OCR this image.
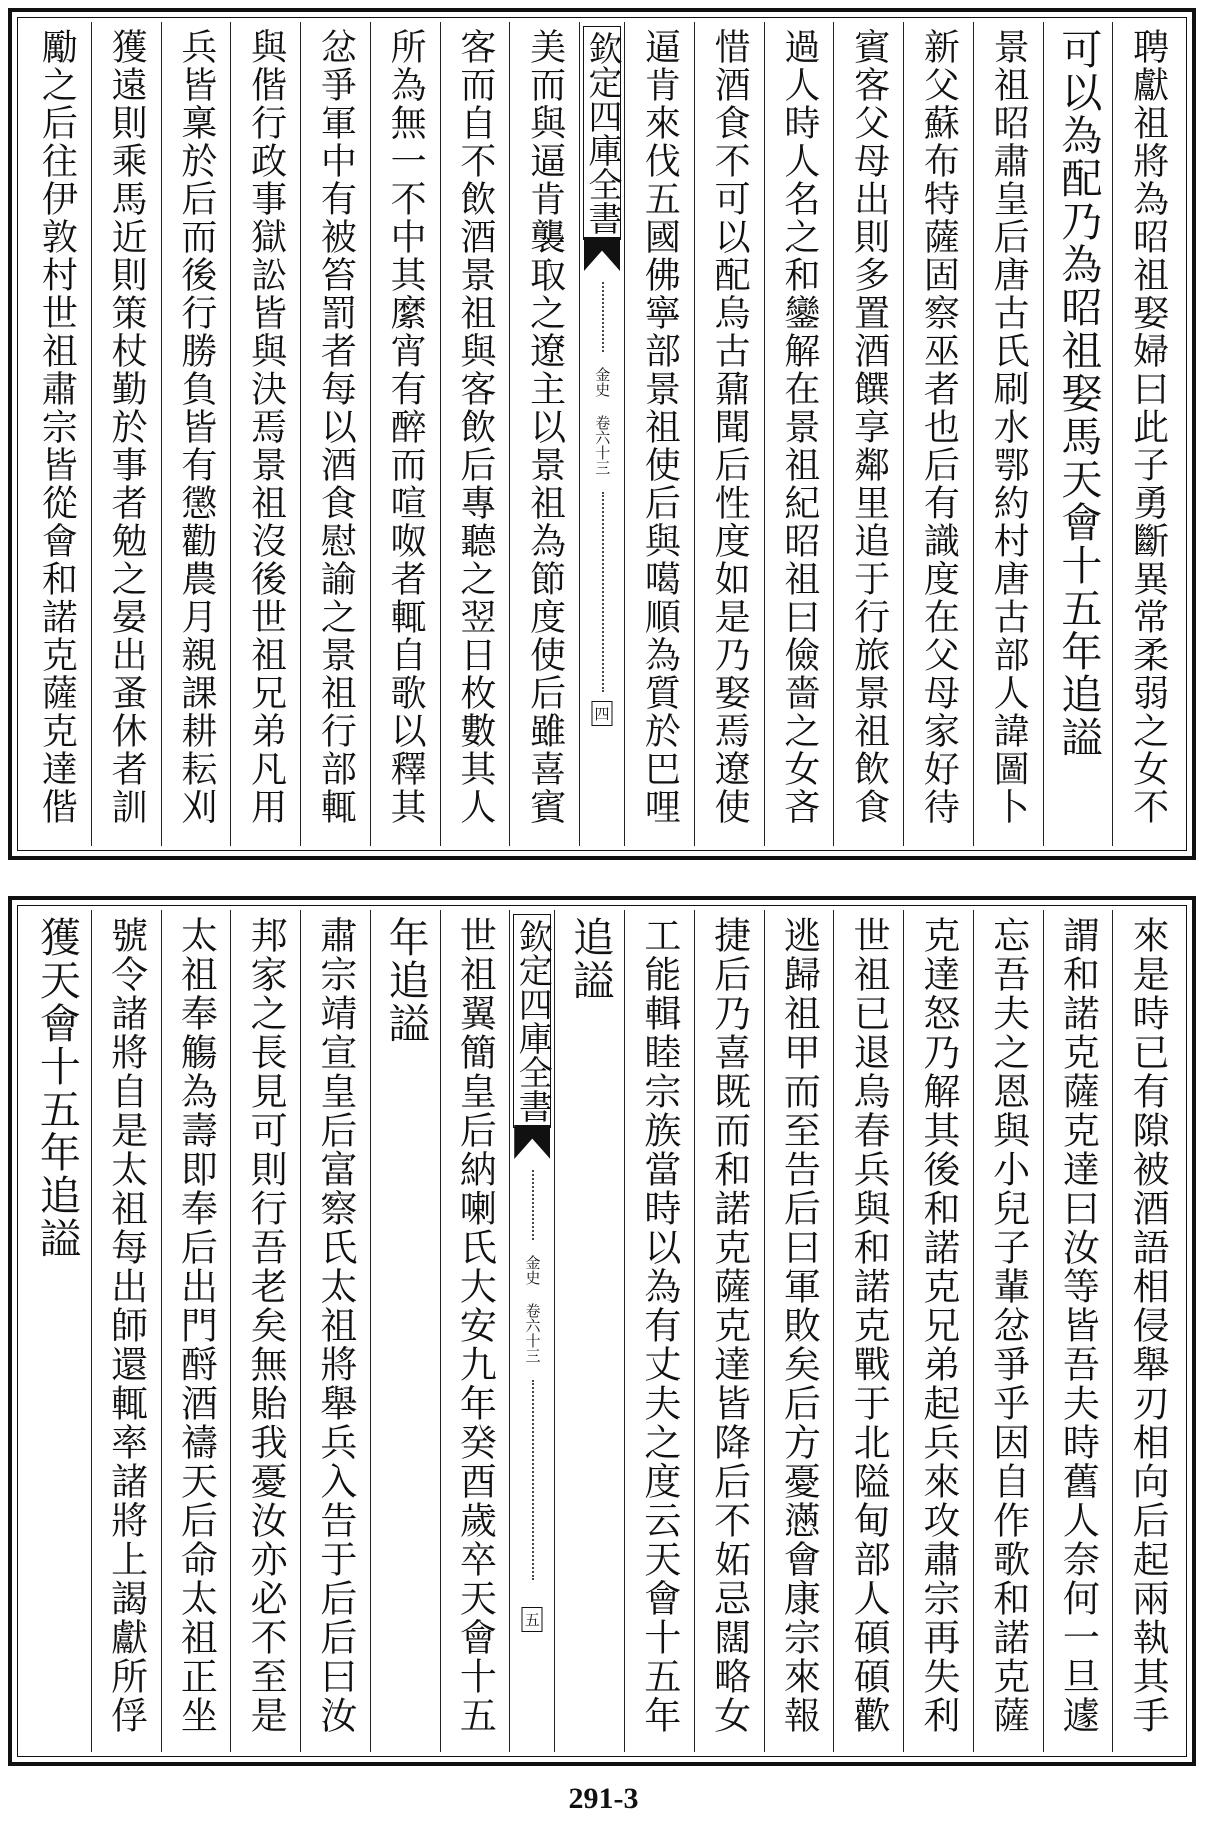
聘獻祖將為昭祖娶婦曰此子勇斷異常柔弱之女不
可以為配乃為昭祖娶馬天會十五年追謚
景祖昭肅皇后唐古氏刷水鄂約村唐古部人諱圖卜
新父蘇布特薩固察巫者也后有識度在父母家好待
賓客父母出則多置酒饌享鄰里追于行旅景祖飲食
過人時人名之和鑾解在景祖紀昭祖曰儉嗇之女吝
惜酒食不可以配烏古鼐聞后性度如是乃娶焉遼使
逼肯來伐五國佛寧部景祖使后與噶順為質於巴哩
欽定四庫全書
金史 卷六十三
四
美而與逼肯襲取之遼主以景祖為節度使后雖喜賓
客而自不飲酒景祖與客飲后專聽之翌日枚數其人
所為無一不中其縻宵有醉而喧呶者輒自歌以釋其
忿爭軍中有被笞罰者每以酒食慰諭之景祖行部輒
與偕行政事獄訟皆與決焉景祖沒後世祖兄弟凡用
兵皆稟於后而後行勝負皆有懲勸農月親課耕耘刈
獲遠則乘馬近則策杖勤於事者勉之晏出蚤休者訓
勵之后往伊敦村世祖肅宗皆從會和諾克薩克達偕
來是時已有隙被酒語相侵舉刃相向后起兩執其手
謂和諾克薩克達曰汝等皆吾夫時舊人奈何一旦遽
忘吾夫之恩與小兒子輩忿爭乎因自作歌和諾克薩
克達怒乃解其後和諾克兄弟起兵來攻肅宗再失利
世祖已退烏春兵與和諾克戰于北隘甸部人碩碩歡
逃歸祖甲而至告后曰軍敗矣后方憂懣會康宗來報
捷后乃喜既而和諾克薩克達皆降后不妬忌闊略女
工能輯睦宗族當時以為有丈夫之度云天會十五年
追謚
欽定四庫全書
金史 卷六十三
五
世祖翼簡皇后納喇氏大安九年癸酉歲卒天會十五
年追謚
肅宗靖宣皇后富察氏太祖將舉兵入告于后后曰汝
邦家之長見可則行吾老矣無貽我憂汝亦必不至是
太祖奉觴為壽即奉后出門酹酒禱天后命太祖正坐
號令諸將自是太祖每出師還輒率諸將上謁獻所俘
獲天會十五年追謚
291-3
